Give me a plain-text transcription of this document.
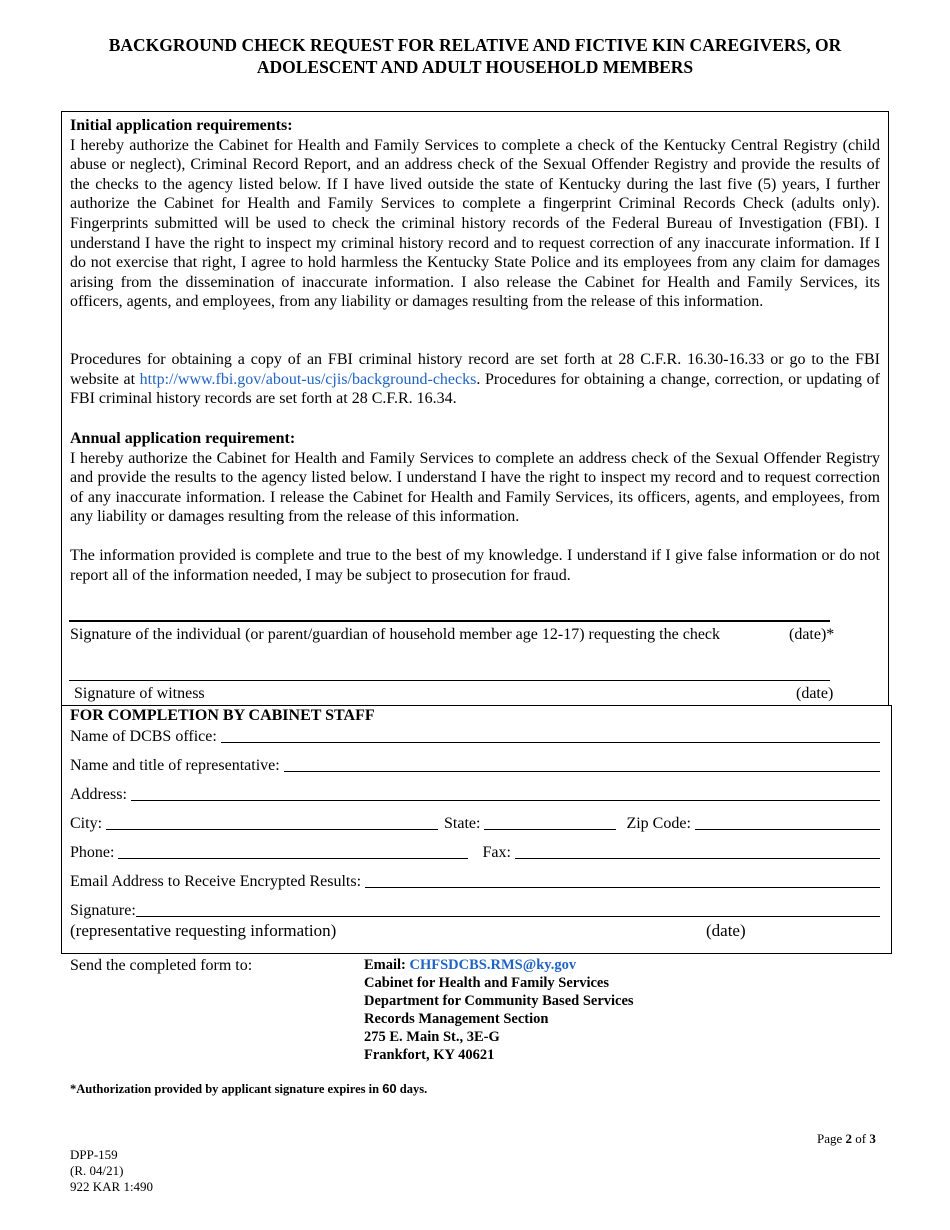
BACKGROUND CHECK REQUEST FOR RELATIVE AND FICTIVE KIN CAREGIVERS, OR
ADOLESCENT AND ADULT HOUSEHOLD MEMBERS
Initial application requirements:
I hereby authorize the Cabinet for Health and Family Services to complete a check of the Kentucky Central Registry (child abuse or neglect), Criminal Record Report, and an address check of the Sexual Offender Registry and provide the results of the checks to the agency listed below. If I have lived outside the state of Kentucky during the last five (5) years, I further authorize the Cabinet for Health and Family Services to complete a fingerprint Criminal Records Check (adults only). Fingerprints submitted will be used to check the criminal history records of the Federal Bureau of Investigation (FBI). I understand I have the right to inspect my criminal history record and to request correction of any inaccurate information. If I do not exercise that right, I agree to hold harmless the Kentucky State Police and its employees from any claim for damages arising from the dissemination of inaccurate information. I also release the Cabinet for Health and Family Services, its officers, agents, and employees, from any liability or damages resulting from the release of this information.
Procedures for obtaining a copy of an FBI criminal history record are set forth at 28 C.F.R. 16.30-16.33 or go to the FBI website at http://www.fbi.gov/about-us/cjis/background-checks. Procedures for obtaining a change, correction, or updating of FBI criminal history records are set forth at 28 C.F.R. 16.34.
Annual application requirement:
I hereby authorize the Cabinet for Health and Family Services to complete an address check of the Sexual Offender Registry and provide the results to the agency listed below. I understand I have the right to inspect my record and to request correction of any inaccurate information. I release the Cabinet for Health and Family Services, its officers, agents, and employees, from any liability or damages resulting from the release of this information.
The information provided is complete and true to the best of my knowledge. I understand if I give false information or do not report all of the information needed, I may be subject to prosecution for fraud.
Signature of the individual (or parent/guardian of household member age 12-17) requesting the check	(date)*
Signature of witness	(date)
FOR COMPLETION BY CABINET STAFF
Name of DCBS office:
Name and title of representative:
Address:
City:	State:	Zip Code:
Phone:	Fax:
Email Address to Receive Encrypted Results:
Signature:
(representative requesting information)	(date)
Send the completed form to:	Email: CHFSDCBS.RMS@ky.gov
Cabinet for Health and Family Services
Department for Community Based Services
Records Management Section
275 E. Main St., 3E-G
Frankfort, KY 40621
*Authorization provided by applicant signature expires in 60 days.
Page 2 of 3
DPP-159
(R. 04/21)
922 KAR 1:490
